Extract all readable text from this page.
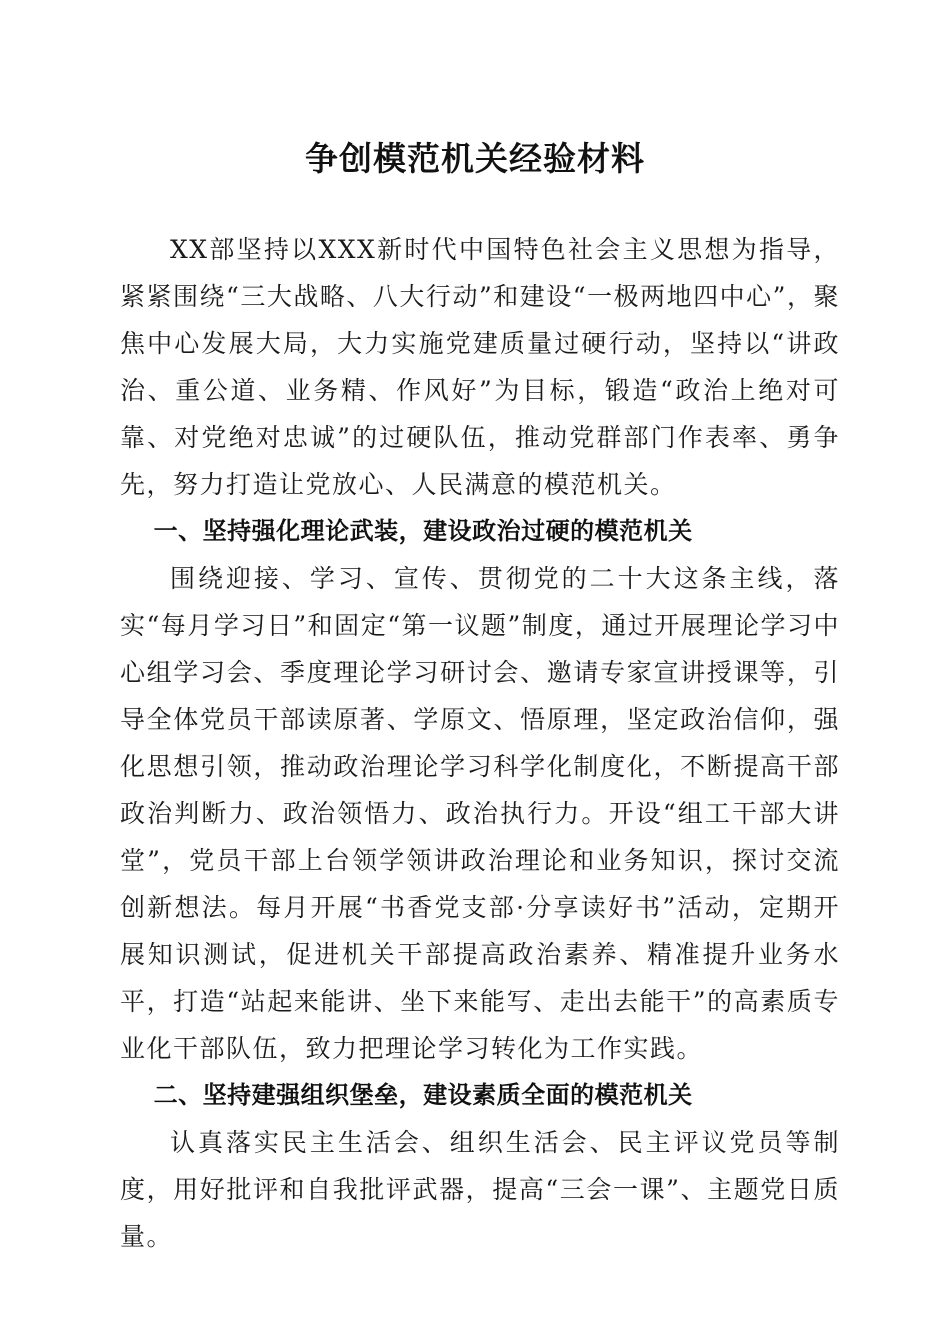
争创模范机关经验材料

XX部坚持以XXX新时代中国特色社会主义思想为指导，紧紧围绕“三大战略、八大行动”和建设“一极两地四中心”，聚焦中心发展大局，大力实施党建质量过硬行动，坚持以“讲政治、重公道、业务精、作风好”为目标，锻造“政治上绝对可靠、对党绝对忠诚”的过硬队伍，推动党群部门作表率、勇争先，努力打造让党放心、人民满意的模范机关。

一、坚持强化理论武装，建设政治过硬的模范机关

围绕迎接、学习、宣传、贯彻党的二十大这条主线，落实“每月学习日”和固定“第一议题”制度，通过开展理论学习中心组学习会、季度理论学习研讨会、邀请专家宣讲授课等，引导全体党员干部读原著、学原文、悟原理，坚定政治信仰，强化思想引领，推动政治理论学习科学化制度化，不断提高干部政治判断力、政治领悟力、政治执行力。开设“组工干部大讲堂”，党员干部上台领学领讲政治理论和业务知识，探讨交流创新想法。每月开展“书香党支部·分享读好书”活动，定期开展知识测试，促进机关干部提高政治素养、精准提升业务水平，打造“站起来能讲、坐下来能写、走出去能干”的高素质专业化干部队伍，致力把理论学习转化为工作实践。

二、坚持建强组织堡垒，建设素质全面的模范机关

认真落实民主生活会、组织生活会、民主评议党员等制度，用好批评和自我批评武器，提高“三会一课”、主题党日质量。
